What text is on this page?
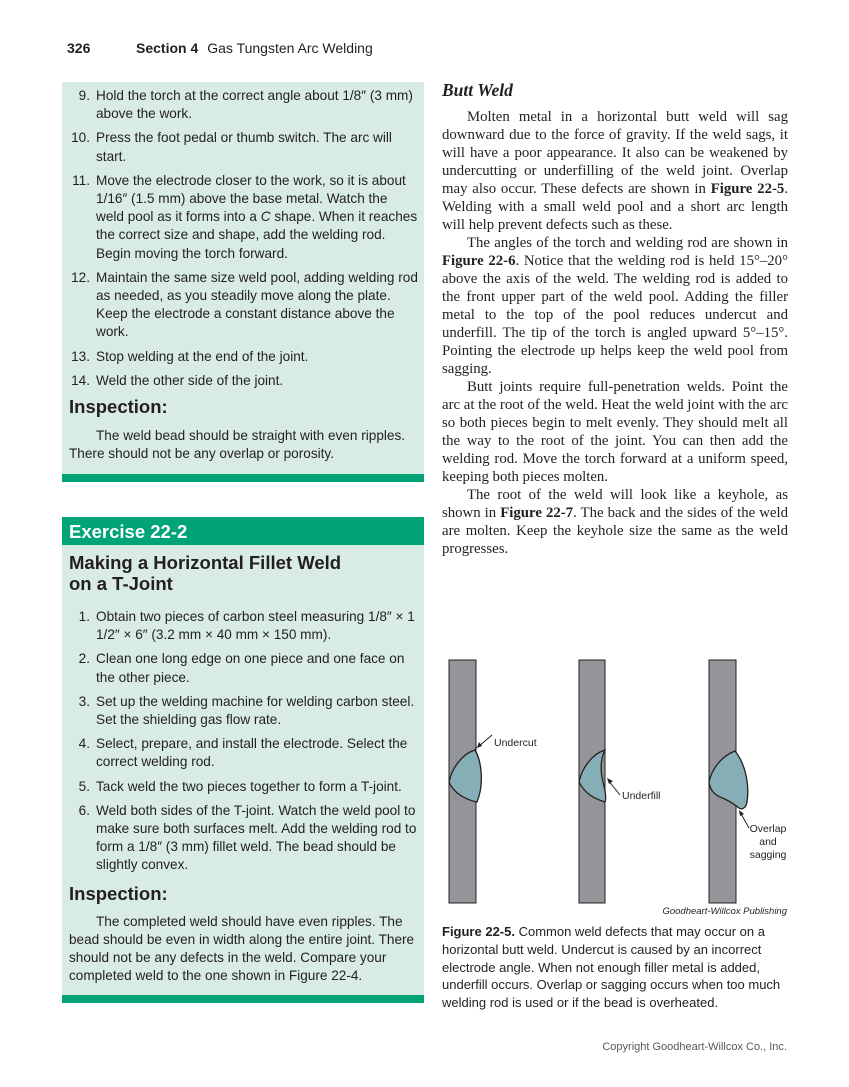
326	Section 4 Gas Tungsten Arc Welding
9. Hold the torch at the correct angle about 1/8″ (3 mm) above the work.
10. Press the foot pedal or thumb switch. The arc will start.
11. Move the electrode closer to the work, so it is about 1/16″ (1.5 mm) above the base metal. Watch the weld pool as it forms into a C shape. When it reaches the correct size and shape, add the welding rod. Begin moving the torch forward.
12. Maintain the same size weld pool, adding welding rod as needed, as you steadily move along the plate. Keep the electrode a constant distance above the work.
13. Stop welding at the end of the joint.
14. Weld the other side of the joint.
Inspection:

The weld bead should be straight with even ripples. There should not be any overlap or porosity.

Exercise 22-2
Making a Horizontal Fillet Weld
on a T-Joint
1. Obtain two pieces of carbon steel measuring 1/8″ × 1 1/2″ × 6″ (3.2 mm × 40 mm × 150 mm).
2. Clean one long edge on one piece and one face on the other piece.
3. Set up the welding machine for welding carbon steel. Set the shielding gas flow rate.
4. Select, prepare, and install the electrode. Select the correct welding rod.
5. Tack weld the two pieces together to form a T-joint.
6. Weld both sides of the T-joint. Watch the weld pool to make sure both surfaces melt. Add the welding rod to form a 1/8″ (3 mm) fillet weld. The bead should be slightly convex.
Inspection:

The completed weld should have even ripples. The bead should be even in width along the entire joint. There should not be any defects in the weld. Compare your completed weld to the one shown in Figure 22-4.

Butt Weld

Molten metal in a horizontal butt weld will sag downward due to the force of gravity. If the weld sags, it will have a poor appearance. It also can be weakened by undercutting or underfilling of the weld joint. Overlap may also occur. These defects are shown in Figure 22-5. Welding with a small weld pool and a short arc length will help prevent defects such as these.

The angles of the torch and welding rod are shown in Figure 22-6. Notice that the welding rod is held 15°–20° above the axis of the weld. The welding rod is added to the front upper part of the weld pool. Adding the filler metal to the top of the pool reduces undercut and underfill. The tip of the torch is angled upward 5°–15°. Pointing the electrode up helps keep the weld pool from sagging.

Butt joints require full-penetration welds. Point the arc at the root of the weld. Heat the weld joint with the arc so both pieces begin to melt evenly. They should melt all the way to the root of the joint. You can then add the welding rod. Move the torch forward at a uniform speed, keeping both pieces molten.

The root of the weld will look like a keyhole, as shown in Figure 22-7. The back and the sides of the weld are molten. Keep the keyhole size the same as the weld progresses.

Undercut
Underfill
Overlap
and
sagging
Goodheart-Willcox Publishing
Figure 22-5. Common weld defects that may occur on a horizontal butt weld. Undercut is caused by an incorrect electrode angle. When not enough filler metal is added, underfill occurs. Overlap or sagging occurs when too much welding rod is used or if the bead is overheated.
Copyright Goodheart-Willcox Co., Inc.
